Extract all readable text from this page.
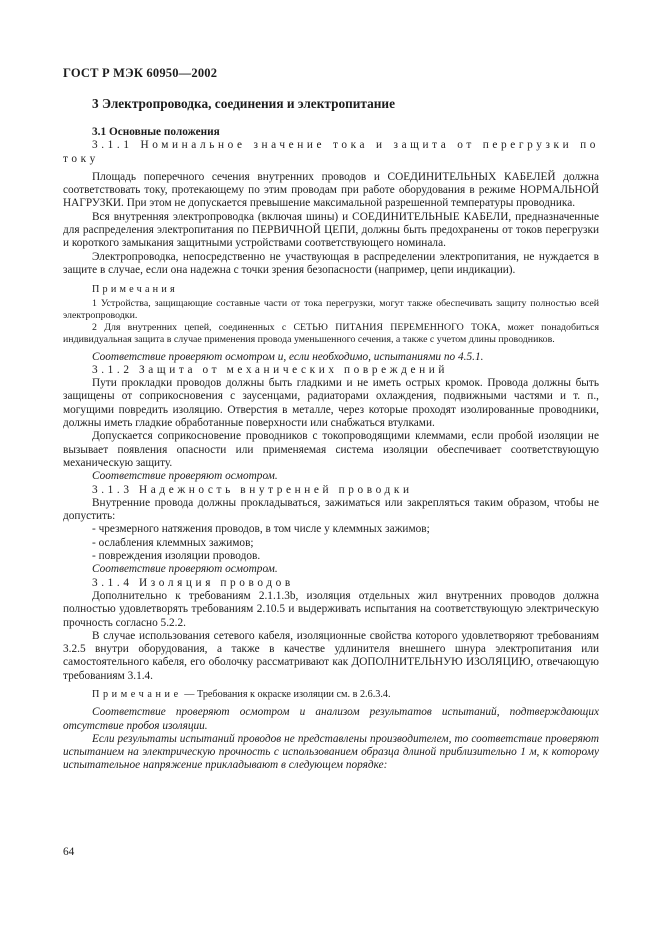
ГОСТ Р МЭК 60950—2002
3 Электропроводка, соединения и электропитание
3.1 Основные положения

3.1.1 Номинальное значение тока и защита от перегрузки по току

Площадь поперечного сечения внутренних проводов и СОЕДИНИТЕЛЬНЫХ КАБЕЛЕЙ должна соответствовать току, протекающему по этим проводам при работе оборудования в режиме НОРМАЛЬНОЙ НАГРУЗКИ. При этом не допускается превышение максимальной разрешенной температуры проводника.

Вся внутренняя электропроводка (включая шины) и СОЕДИНИТЕЛЬНЫЕ КАБЕЛИ, предназначенные для распределения электропитания по ПЕРВИЧНОЙ ЦЕПИ, должны быть предохранены от токов перегрузки и короткого замыкания защитными устройствами соответствующего номинала.

Электропроводка, непосредственно не участвующая в распределении электропитания, не нуждается в защите в случае, если она надежна с точки зрения безопасности (например, цепи индикации).

Примечания

1 Устройства, защищающие составные части от тока перегрузки, могут также обеспечивать защиту полностью всей электропроводки.

2 Для внутренних цепей, соединенных с СЕТЬЮ ПИТАНИЯ ПЕРЕМЕННОГО ТОКА, может понадобиться индивидуальная защита в случае применения провода уменьшенного сечения, а также с учетом длины проводников.

Соответствие проверяют осмотром и, если необходимо, испытаниями по 4.5.1.

3.1.2 Защита от механических повреждений

Пути прокладки проводов должны быть гладкими и не иметь острых кромок. Провода должны быть защищены от соприкосновения с заусенцами, радиаторами охлаждения, подвижными частями и т. п., могущими повредить изоляцию. Отверстия в металле, через которые проходят изолированные проводники, должны иметь гладкие обработанные поверхности или снабжаться втулками.

Допускается соприкосновение проводников с токопроводящими клеммами, если пробой изоляции не вызывает появления опасности или применяемая система изоляции обеспечивает соответствующую механическую защиту.

Соответствие проверяют осмотром.

3.1.3 Надежность внутренней проводки

Внутренние провода должны прокладываться, зажиматься или закрепляться таким образом, чтобы не допустить:

- чрезмерного натяжения проводов, в том числе у клеммных зажимов;

- ослабления клеммных зажимов;

- повреждения изоляции проводов.

Соответствие проверяют осмотром.

3.1.4 Изоляция проводов

Дополнительно к требованиям 2.1.1.3b, изоляция отдельных жил внутренних проводов должна полностью удовлетворять требованиям 2.10.5 и выдерживать испытания на соответствующую электрическую прочность согласно 5.2.2.

В случае использования сетевого кабеля, изоляционные свойства которого удовлетворяют требованиям 3.2.5 внутри оборудования, а также в качестве удлинителя внешнего шнура электропитания или самостоятельного кабеля, его оболочку рассматривают как ДОПОЛНИТЕЛЬНУЮ ИЗОЛЯЦИЮ, отвечающую требованиям 3.1.4.

Примечание — Требования к окраске изоляции см. в 2.6.3.4.

Соответствие проверяют осмотром и анализом результатов испытаний, подтверждающих отсутствие пробоя изоляции.

Если результаты испытаний проводов не представлены производителем, то соответствие проверяют испытанием на электрическую прочность с использованием образца длиной приблизительно 1 м, к которому испытательное напряжение прикладывают в следующем порядке:

64
